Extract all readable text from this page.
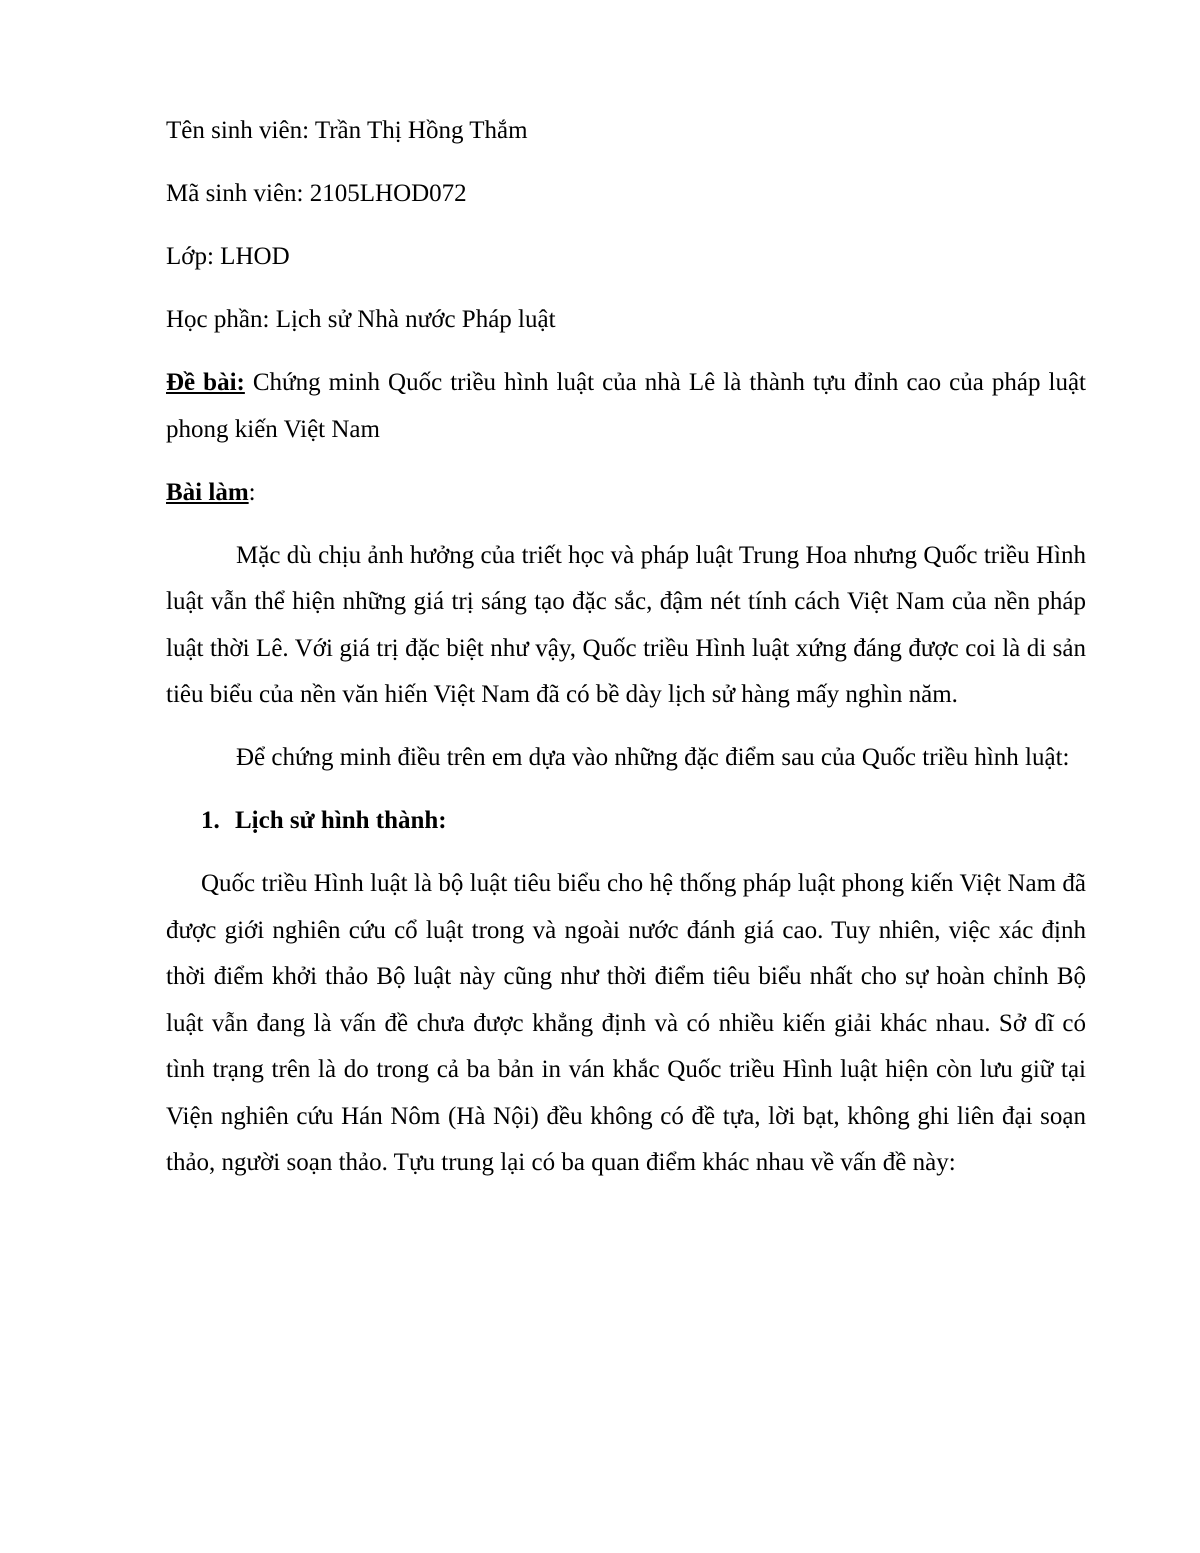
Tên sinh viên: Trần Thị Hồng Thắm
Mã sinh viên: 2105LHOD072
Lớp: LHOD
Học phần: Lịch sử Nhà nước Pháp luật
Đề bài: Chứng minh Quốc triều hình luật của nhà Lê là thành tựu đỉnh cao của pháp luật phong kiến Việt Nam
Bài làm:
Mặc dù chịu ảnh hưởng của triết học và pháp luật Trung Hoa nhưng Quốc triều Hình luật vẫn thể hiện những giá trị sáng tạo đặc sắc, đậm nét tính cách Việt Nam của nền pháp luật thời Lê. Với giá trị đặc biệt như vậy, Quốc triều Hình luật xứng đáng được coi là di sản tiêu biểu của nền văn hiến Việt Nam đã có bề dày lịch sử hàng mấy nghìn năm.
Để chứng minh điều trên em dựa vào những đặc điểm sau của Quốc triều hình luật:
1. Lịch sử hình thành:
Quốc triều Hình luật là bộ luật tiêu biểu cho hệ thống pháp luật phong kiến Việt Nam đã được giới nghiên cứu cổ luật trong và ngoài nước đánh giá cao. Tuy nhiên, việc xác định thời điểm khởi thảo Bộ luật này cũng như thời điểm tiêu biểu nhất cho sự hoàn chỉnh Bộ luật vẫn đang là vấn đề chưa được khẳng định và có nhiều kiến giải khác nhau. Sở dĩ có tình trạng trên là do trong cả ba bản in ván khắc Quốc triều Hình luật hiện còn lưu giữ tại Viện nghiên cứu Hán Nôm (Hà Nội) đều không có đề tựa, lời bạt, không ghi liên đại soạn thảo, người soạn thảo. Tựu trung lại có ba quan điểm khác nhau về vấn đề này:
